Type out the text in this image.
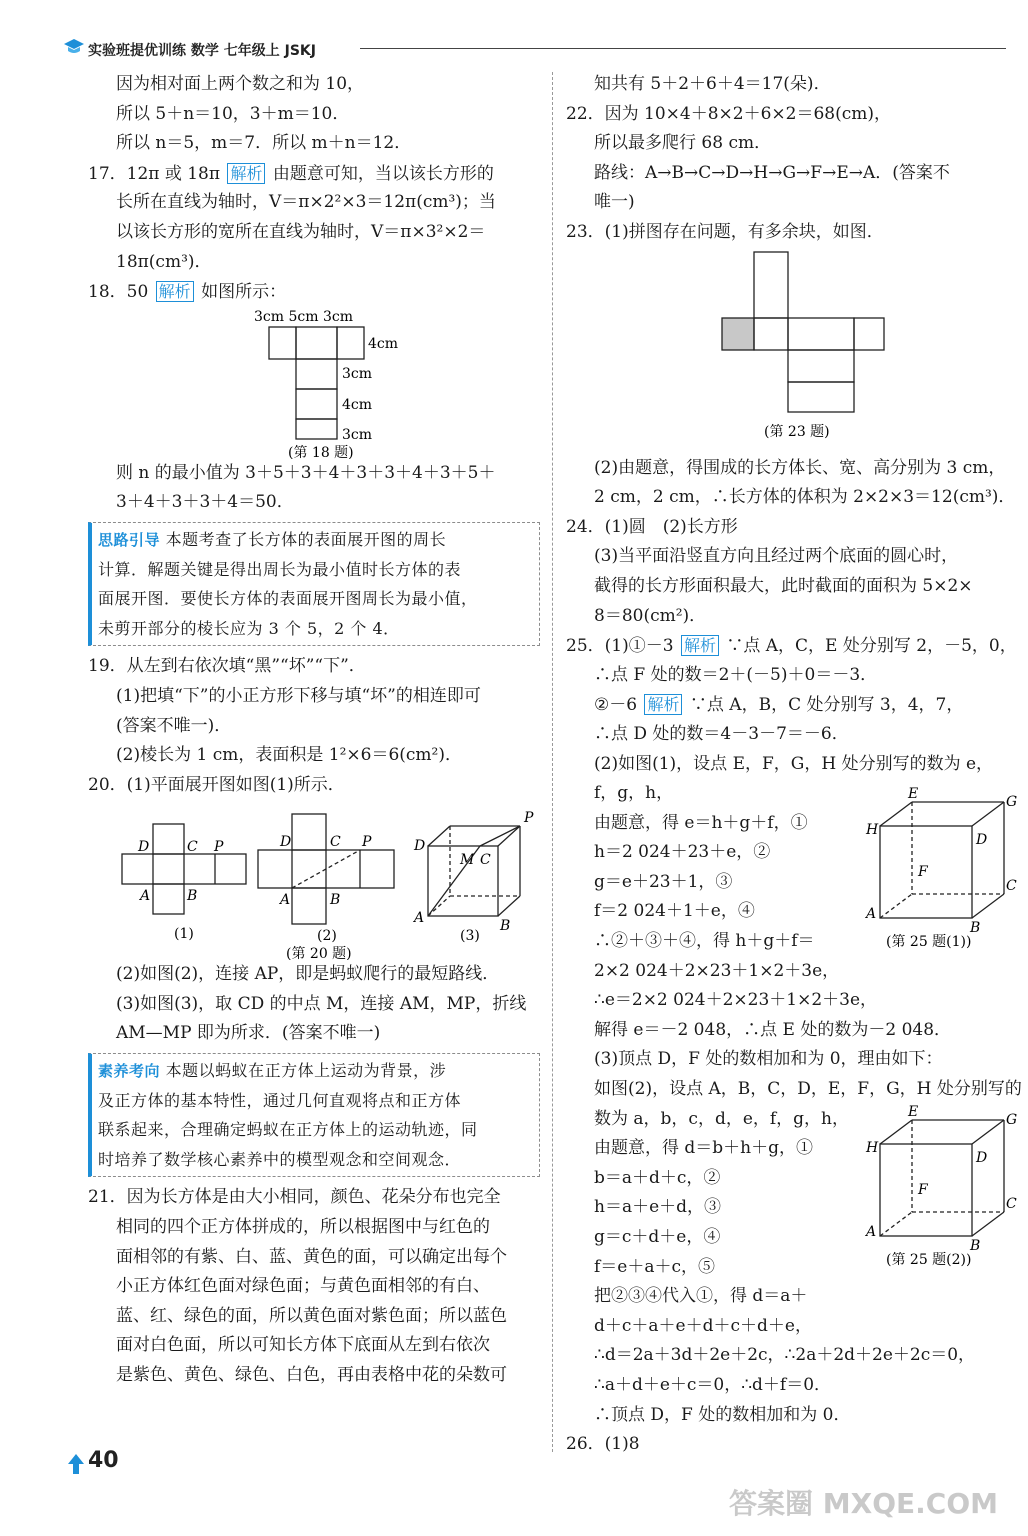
实验班提优训练 数学 七年级上 JSKJ
因为相对面上两个数之和为 10，
所以 5＋n＝10，3＋m＝10．
所以 n＝5，m＝7．所以 m＋n＝12．
17．12π 或 18π 解析 由题意可知，当以该长方形的
长所在直线为轴时，V＝π×2²×3＝12π(cm³)；当
以该长方形的宽所在直线为轴时，V＝π×3²×2＝
18π(cm³)．
18．50 解析 如图所示：
3cm 5cm 3cm
4cm
3cm
4cm
3cm
(第 18 题)
则 n 的最小值为 3＋5＋3＋4＋3＋3＋4＋3＋5＋
3＋4＋3＋3＋4＝50．
思路引导 本题考查了长方体的表面展开图的周长
计算．解题关键是得出周长为最小值时长方体的表
面展开图．要使长方体的表面展开图周长为最小值，
未剪开部分的棱长应为 3 个 5，2 个 4．
19．从左到右依次填“黑”“坏”“下”．
(1)把填“下”的小正方形下移与填“坏”的相连即可
(答案不唯一)．
(2)棱长为 1 cm，表面积是 1²×6＝6(cm²)．
20．(1)平面展开图如图(1)所示．
D	C P
A	B
(1)
D	C P
A	B
(2)
D
M C
P
A	B
(3)
(第 20 题)
(2)如图(2)，连接 AP，即是蚂蚁爬行的最短路线．
(3)如图(3)，取 CD 的中点 M，连接 AM，MP，折线
AM—MP 即为所求．(答案不唯一)
素养考向 本题以蚂蚁在正方体上运动为背景，涉
及正方体的基本特性，通过几何直观将点和正方体
联系起来，合理确定蚂蚁在正方体上的运动轨迹，同
时培养了数学核心素养中的模型观念和空间观念．
21．因为长方体是由大小相同，颜色、花朵分布也完全
相同的四个正方体拼成的，所以根据图中与红色的
面相邻的有紫、白、蓝、黄色的面，可以确定出每个
小正方体红色面对绿色面；与黄色面相邻的有白、
蓝、红、绿色的面，所以黄色面对紫色面；所以蓝色
面对白色面，所以可知长方体下底面从左到右依次
是紫色、黄色、绿色、白色，再由表格中花的朵数可
知共有 5＋2＋6＋4＝17(朵)．
22．因为 10×4＋8×2＋6×2＝68(cm)，
所以最多爬行 68 cm．
路线：A→B→C→D→H→G→F→E→A．(答案不
唯一)
23．(1)拼图存在问题，有多余块，如图．
(第 23 题)
(2)由题意，得围成的长方体长、宽、高分别为 3 cm，
2 cm，2 cm，∴长方体的体积为 2×2×3＝12(cm³)．
24．(1)圆　(2)长方形
(3)当平面沿竖直方向且经过两个底面的圆心时，
截得的长方形面积最大，此时截面的面积为 5×2×
8＝80(cm²)．
25．(1)①－3 解析 ∵点 A，C，E 处分别写 2，－5，0，
∴点 F 处的数＝2＋(－5)＋0＝－3．
②－6 解析 ∵点 A，B，C 处分别写 3，4，7，
∴点 D 处的数＝4－3－7＝－6．
(2)如图(1)，设点 E，F，G，H 处分别写的数为 e，
f，g，h，
由题意，得 e＝h＋g＋f，①
h＝2 024＋23＋e，②
g＝e＋23＋1，③
f＝2 024＋1＋e，④
∴②＋③＋④，得 h＋g＋f＝
2×2 024＋2×23＋1×2＋3e，
∴e＝2×2 024＋2×23＋1×2＋3e，
解得 e＝－2 048，∴点 E 处的数为－2 048．
(3)顶点 D，F 处的数相加和为 0，理由如下：
如图(2)，设点 A，B，C，D，E，F，G，H 处分别写的
数为 a，b，c，d，e，f，g，h，
由题意，得 d＝b＋h＋g，①
b＝a＋d＋c，②
h＝a＋e＋d，③
g＝c＋d＋e，④
f＝e＋a＋c，⑤
把②③④代入①，得 d＝a＋
d＋c＋a＋e＋d＋c＋d＋e，
∴d＝2a＋3d＋2e＋2c，∴2a＋2d＋2e＋2c＝0，
∴a＋d＋e＋c＝0，∴d＋f＝0．
∴顶点 D，F 处的数相加和为 0．
26．(1)8
E	G
H
D
F
C
A
B
(第 25 题(1))
E	G
H
D
F
C
A
B
(第 25 题(2))
40
答案圈 MXQE.COM
